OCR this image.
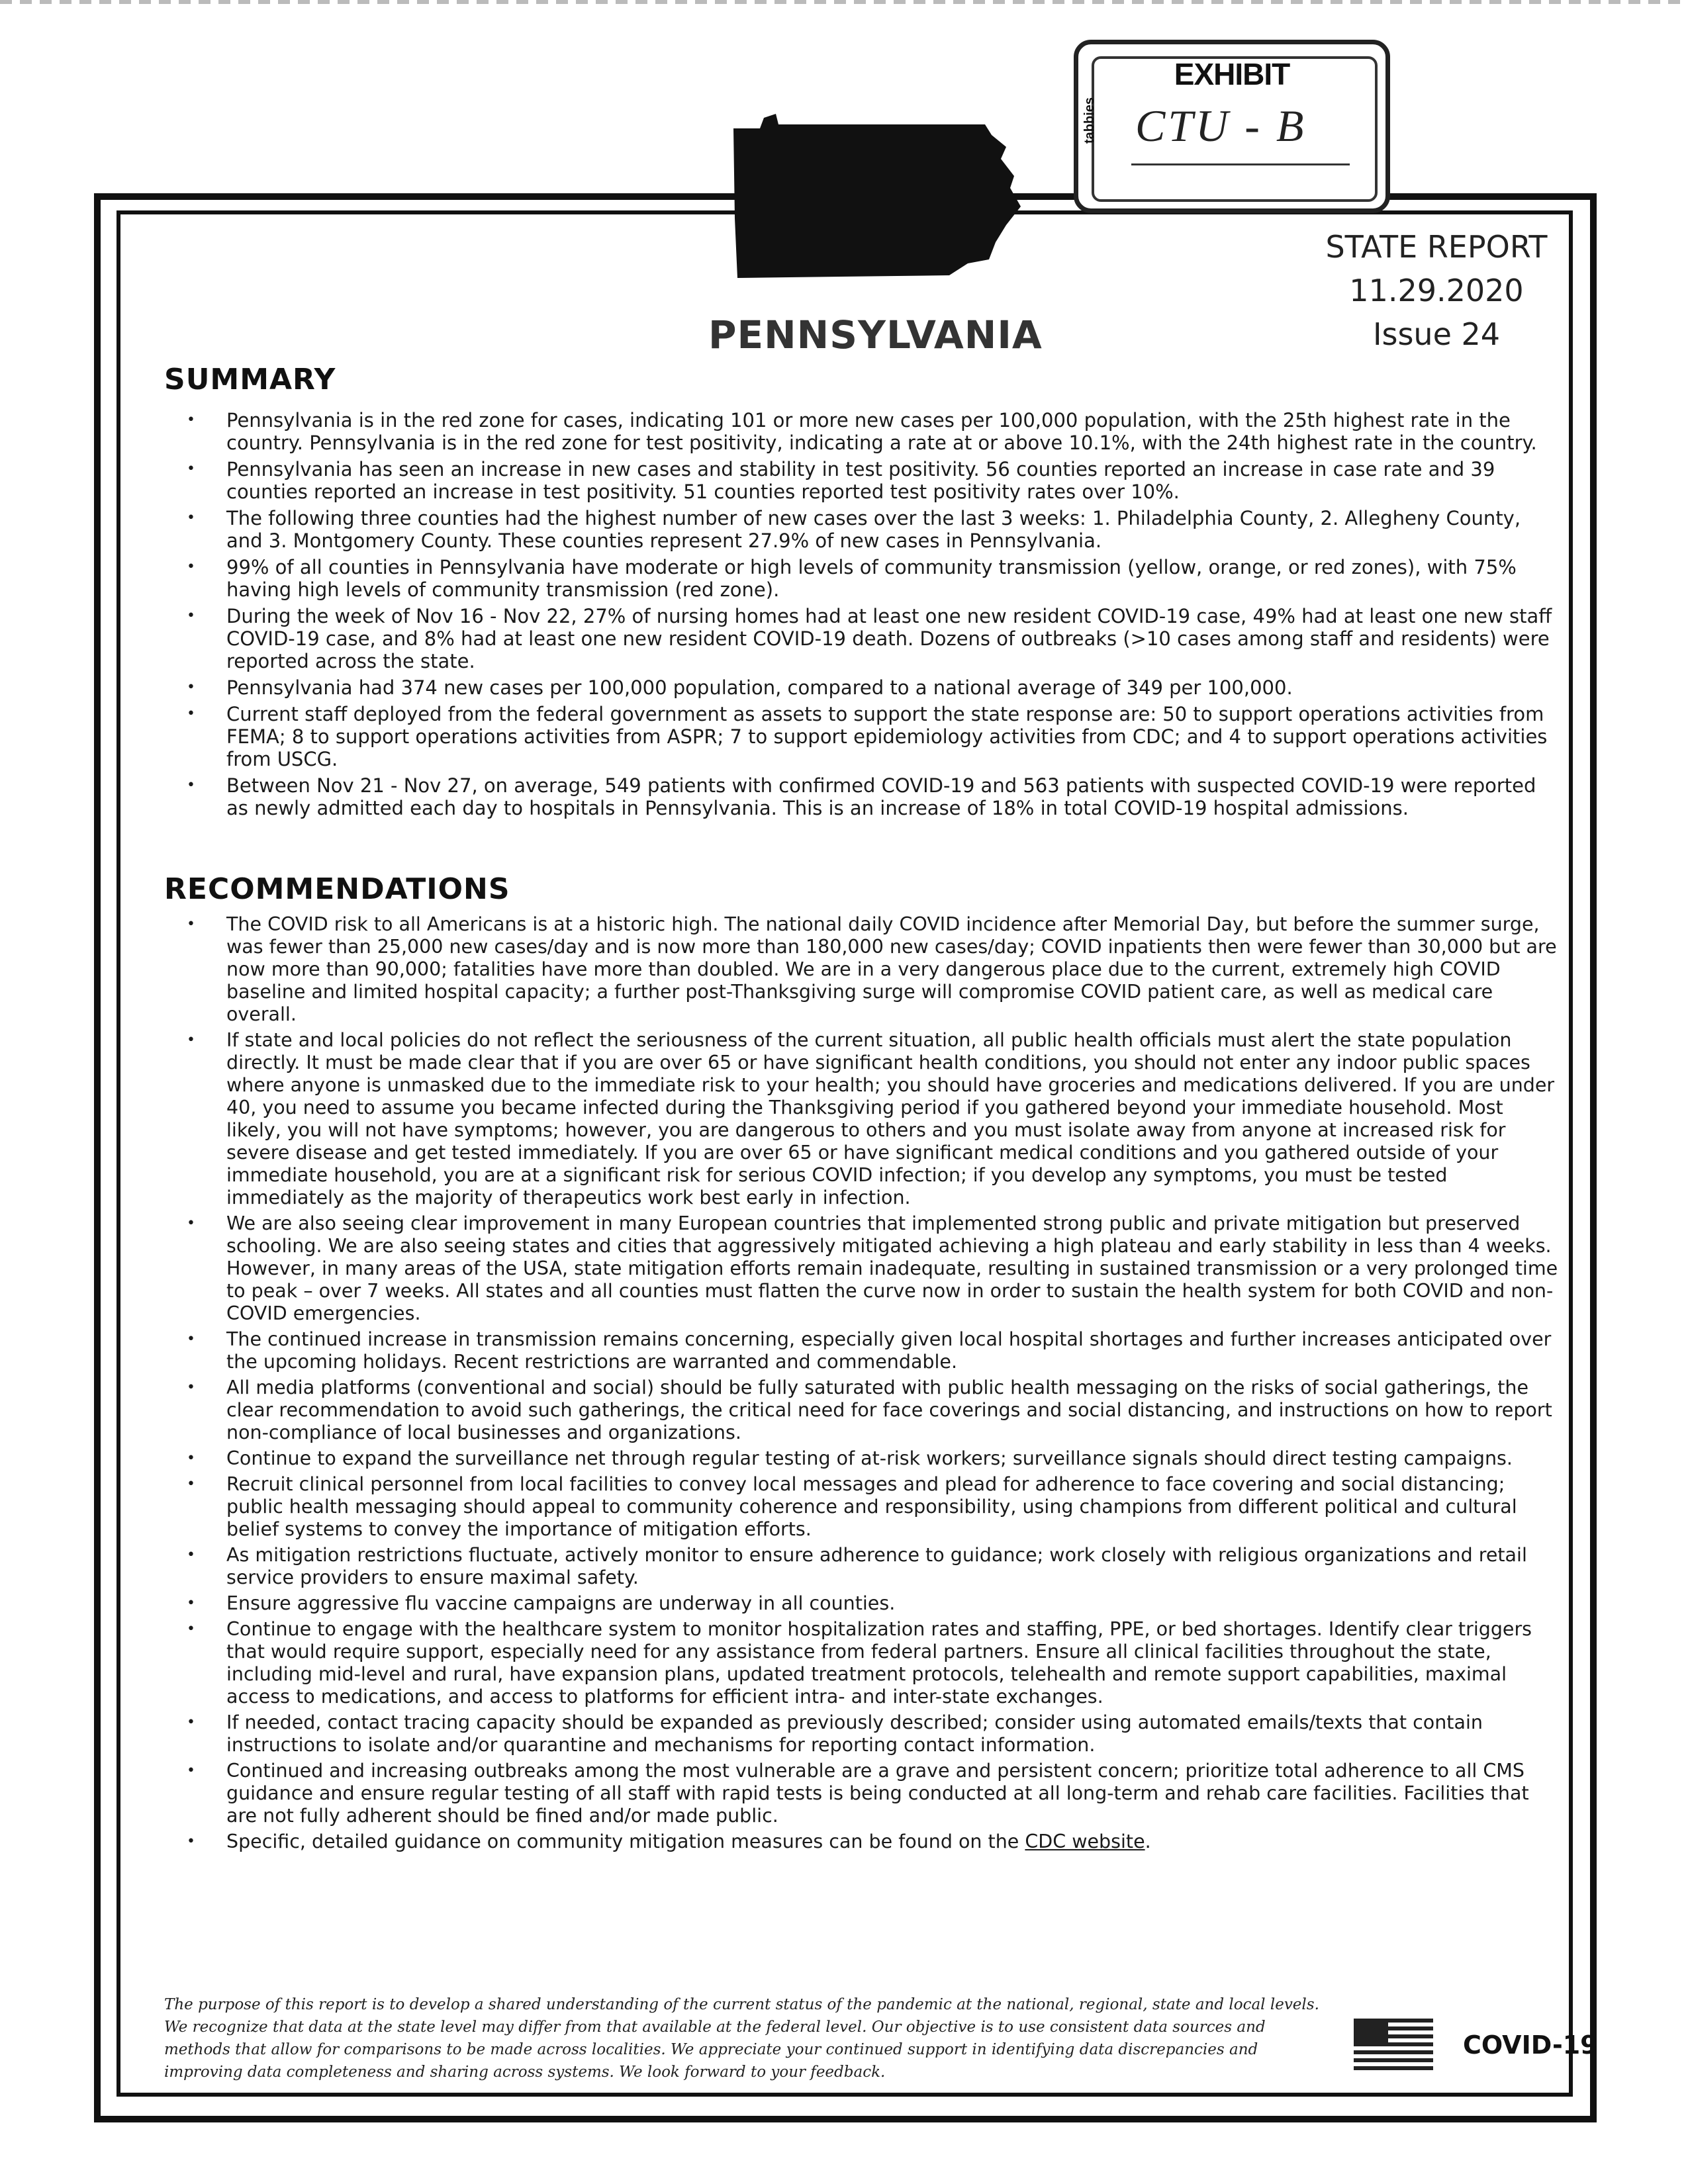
EXHIBIT
tabbies CTU - B
STATE REPORT
11.29.2020
Issue 24
PENNSYLVANIA
SUMMARY
• Pennsylvania is in the red zone for cases, indicating 101 or more new cases per 100,000 population, with the 25th highest rate in the country. Pennsylvania is in the red zone for test positivity, indicating a rate at or above 10.1%, with the 24th highest rate in the country.
• Pennsylvania has seen an increase in new cases and stability in test positivity. 56 counties reported an increase in case rate and 39 counties reported an increase in test positivity. 51 counties reported test positivity rates over 10%.
• The following three counties had the highest number of new cases over the last 3 weeks: 1. Philadelphia County, 2. Allegheny County, and 3. Montgomery County. These counties represent 27.9% of new cases in Pennsylvania.
• 99% of all counties in Pennsylvania have moderate or high levels of community transmission (yellow, orange, or red zones), with 75% having high levels of community transmission (red zone).
• During the week of Nov 16 - Nov 22, 27% of nursing homes had at least one new resident COVID-19 case, 49% had at least one new staff COVID-19 case, and 8% had at least one new resident COVID-19 death. Dozens of outbreaks (>10 cases among staff and residents) were reported across the state.
• Pennsylvania had 374 new cases per 100,000 population, compared to a national average of 349 per 100,000.
• Current staff deployed from the federal government as assets to support the state response are: 50 to support operations activities from FEMA; 8 to support operations activities from ASPR; 7 to support epidemiology activities from CDC; and 4 to support operations activities from USCG.
• Between Nov 21 - Nov 27, on average, 549 patients with confirmed COVID-19 and 563 patients with suspected COVID-19 were reported as newly admitted each day to hospitals in Pennsylvania. This is an increase of 18% in total COVID-19 hospital admissions.
RECOMMENDATIONS
• The COVID risk to all Americans is at a historic high. The national daily COVID incidence after Memorial Day, but before the summer surge, was fewer than 25,000 new cases/day and is now more than 180,000 new cases/day; COVID inpatients then were fewer than 30,000 but are now more than 90,000; fatalities have more than doubled. We are in a very dangerous place due to the current, extremely high COVID baseline and limited hospital capacity; a further post-Thanksgiving surge will compromise COVID patient care, as well as medical care overall.
• If state and local policies do not reflect the seriousness of the current situation, all public health officials must alert the state population directly. It must be made clear that if you are over 65 or have significant health conditions, you should not enter any indoor public spaces where anyone is unmasked due to the immediate risk to your health; you should have groceries and medications delivered. If you are under 40, you need to assume you became infected during the Thanksgiving period if you gathered beyond your immediate household. Most likely, you will not have symptoms; however, you are dangerous to others and you must isolate away from anyone at increased risk for severe disease and get tested immediately. If you are over 65 or have significant medical conditions and you gathered outside of your immediate household, you are at a significant risk for serious COVID infection; if you develop any symptoms, you must be tested immediately as the majority of therapeutics work best early in infection.
• We are also seeing clear improvement in many European countries that implemented strong public and private mitigation but preserved schooling. We are also seeing states and cities that aggressively mitigated achieving a high plateau and early stability in less than 4 weeks. However, in many areas of the USA, state mitigation efforts remain inadequate, resulting in sustained transmission or a very prolonged time to peak – over 7 weeks. All states and all counties must flatten the curve now in order to sustain the health system for both COVID and non-COVID emergencies.
• The continued increase in transmission remains concerning, especially given local hospital shortages and further increases anticipated over the upcoming holidays. Recent restrictions are warranted and commendable.
• All media platforms (conventional and social) should be fully saturated with public health messaging on the risks of social gatherings, the clear recommendation to avoid such gatherings, the critical need for face coverings and social distancing, and instructions on how to report non-compliance of local businesses and organizations.
• Continue to expand the surveillance net through regular testing of at-risk workers; surveillance signals should direct testing campaigns.
• Recruit clinical personnel from local facilities to convey local messages and plead for adherence to face covering and social distancing; public health messaging should appeal to community coherence and responsibility, using champions from different political and cultural belief systems to convey the importance of mitigation efforts.
• As mitigation restrictions fluctuate, actively monitor to ensure adherence to guidance; work closely with religious organizations and retail service providers to ensure maximal safety.
• Ensure aggressive flu vaccine campaigns are underway in all counties.
• Continue to engage with the healthcare system to monitor hospitalization rates and staffing, PPE, or bed shortages. Identify clear triggers that would require support, especially need for any assistance from federal partners. Ensure all clinical facilities throughout the state, including mid-level and rural, have expansion plans, updated treatment protocols, telehealth and remote support capabilities, maximal access to medications, and access to platforms for efficient intra- and inter-state exchanges.
• If needed, contact tracing capacity should be expanded as previously described; consider using automated emails/texts that contain instructions to isolate and/or quarantine and mechanisms for reporting contact information.
• Continued and increasing outbreaks among the most vulnerable are a grave and persistent concern; prioritize total adherence to all CMS guidance and ensure regular testing of all staff with rapid tests is being conducted at all long-term and rehab care facilities. Facilities that are not fully adherent should be fined and/or made public.
• Specific, detailed guidance on community mitigation measures can be found on the CDC website.
The purpose of this report is to develop a shared understanding of the current status of the pandemic at the national, regional, state and local levels. We recognize that data at the state level may differ from that available at the federal level. Our objective is to use consistent data sources and methods that allow for comparisons to be made across localities. We appreciate your continued support in identifying data discrepancies and improving data completeness and sharing across systems. We look forward to your feedback.
COVID-19
